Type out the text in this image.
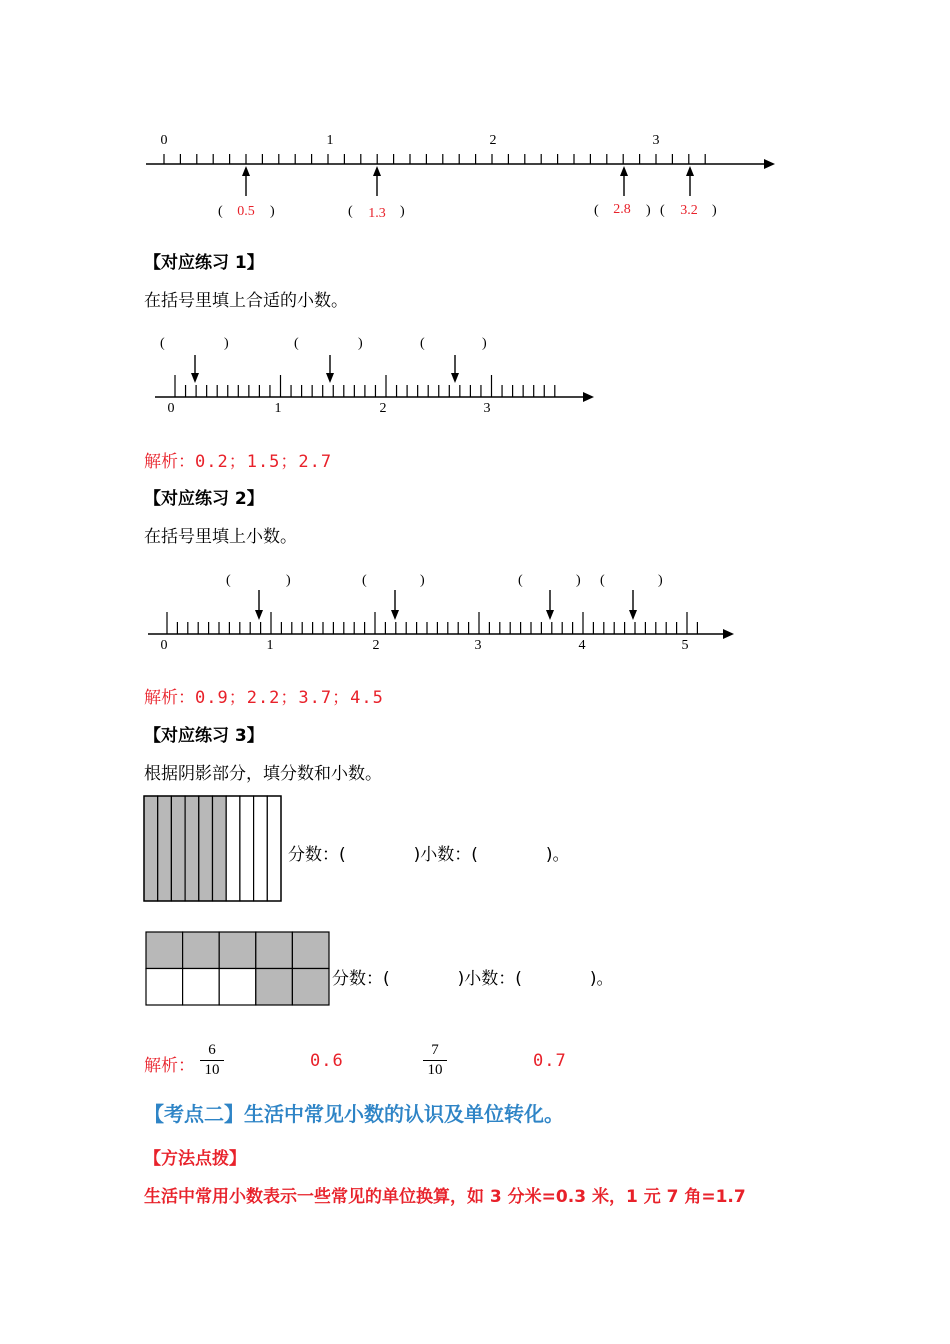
0	1	2	3
( 0.5 )	( 1.3 )	( 2.8 ) ( 3.2 )
【对应练习 1】
在括号里填上合适的小数。
(	)	(	)	(	)
0	1	2	3
解析：0.2；1.5；2.7
【对应练习 2】
在括号里填上小数。
(	)	(	)	(	) (	)
0	1	2	3	4	5
解析：0.9；2.2；3.7；4.5
【对应练习 3】
根据阴影部分，填分数和小数。
分数：(　　　　)小数：(　　　　)。
分数：(　　　　)小数：(　　　　)。
解析：
6
10	0.6
7
10	0.7
【考点二】生活中常见小数的认识及单位转化。
【方法点拨】
生活中常用小数表示一些常见的单位换算，如 3 分米=0.3 米，1 元 7 角=1.7
